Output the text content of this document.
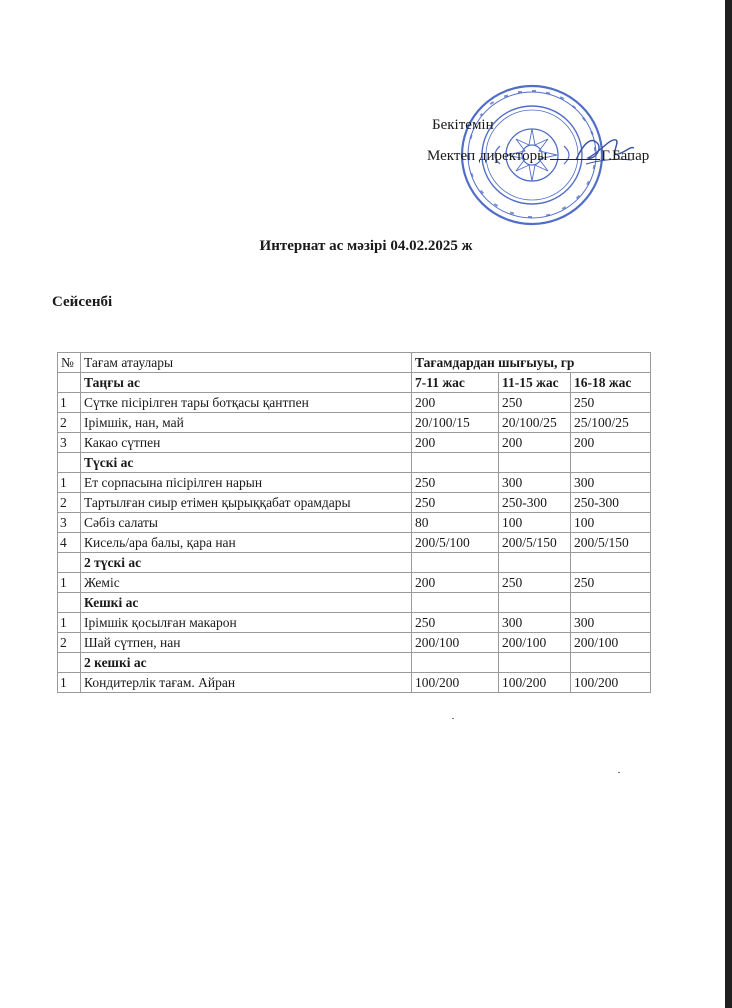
Бекітемін
Мектеп директоры	Г.Бапар
Интернат ас мәзірі 04.02.2025 ж
Сейсенбі
№	Тағам атаулары	Тағамдардан шығыуы, гр		
	Таңғы ас	7-11 жас	11-15 жас	16-18 жас
1	Сүтке пісірілген тары ботқасы қантпен	200	250	250
2	Ірімшік, нан, май	20/100/15	20/100/25	25/100/25
3	Какао сүтпен	200	200	200
	Түскі ас			
1	Ет сорпасына пісірілген нарын	250	300	300
2	Тартылған сиыр етімен қырыққабат орамдары	250	250-300	250-300
3	Сәбіз салаты	80	100	100
4	Кисель/ара балы, қара нан	200/5/100	200/5/150	200/5/150
	2 түскі ас			
1	Жеміс	200	250	250
	Кешкі ас			
1	Ірімшік қосылған макарон	250	300	300
2	Шай сүтпен, нан	200/100	200/100	200/100
	2 кешкі ас			
1	Кондитерлік тағам. Айран	100/200	100/200	100/200
